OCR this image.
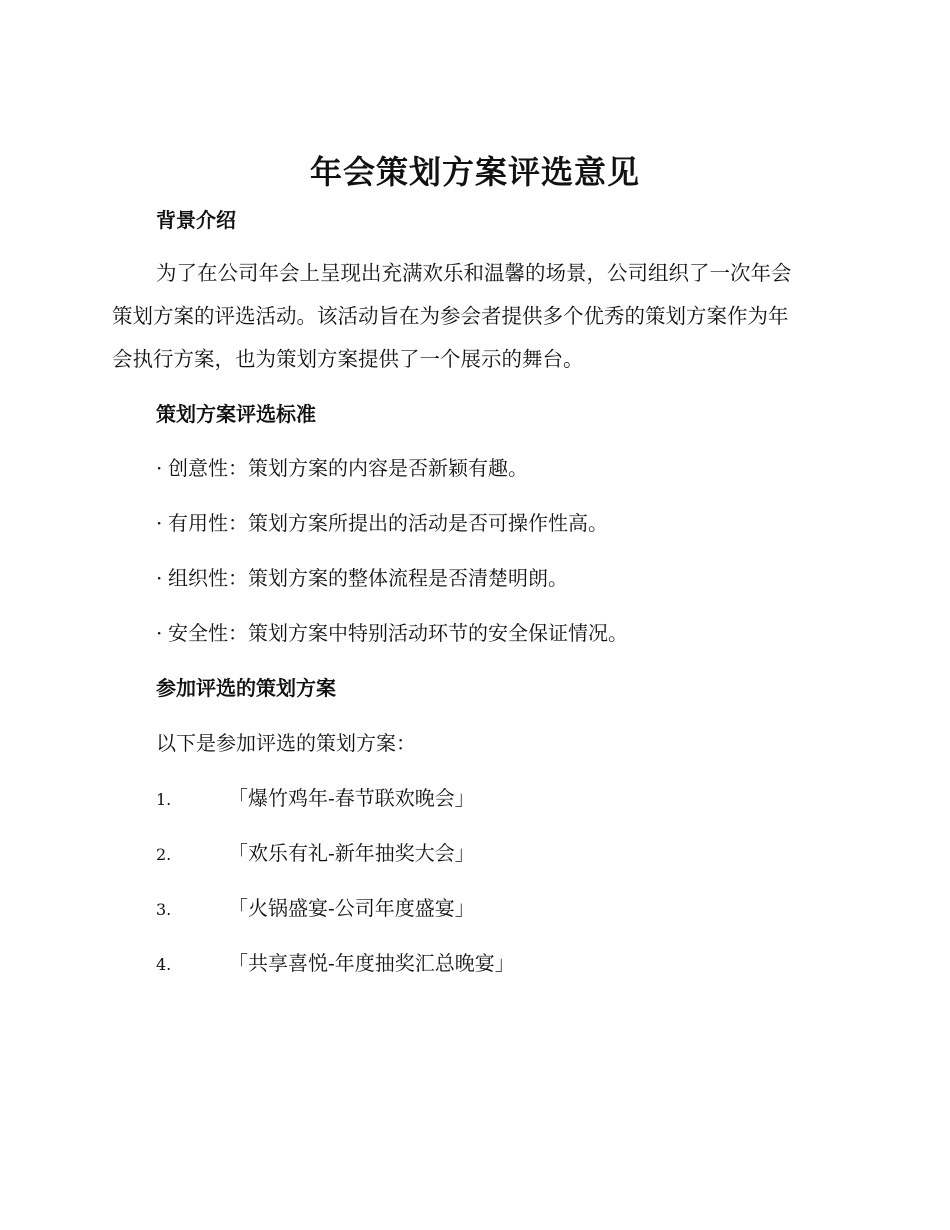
年会策划方案评选意见
背景介绍
为了在公司年会上呈现出充满欢乐和温馨的场景，公司组织了一次年会
策划方案的评选活动。该活动旨在为参会者提供多个优秀的策划方案作为年
会执行方案，也为策划方案提供了一个展示的舞台。
策划方案评选标准
· 创意性：策划方案的内容是否新颖有趣。
· 有用性：策划方案所提出的活动是否可操作性高。
· 组织性：策划方案的整体流程是否清楚明朗。
· 安全性：策划方案中特别活动环节的安全保证情况。
参加评选的策划方案
以下是参加评选的策划方案：
1.	「爆竹鸡年-春节联欢晚会」
2.	「欢乐有礼-新年抽奖大会」
3.	「火锅盛宴-公司年度盛宴」
4.	「共享喜悦-年度抽奖汇总晚宴」
